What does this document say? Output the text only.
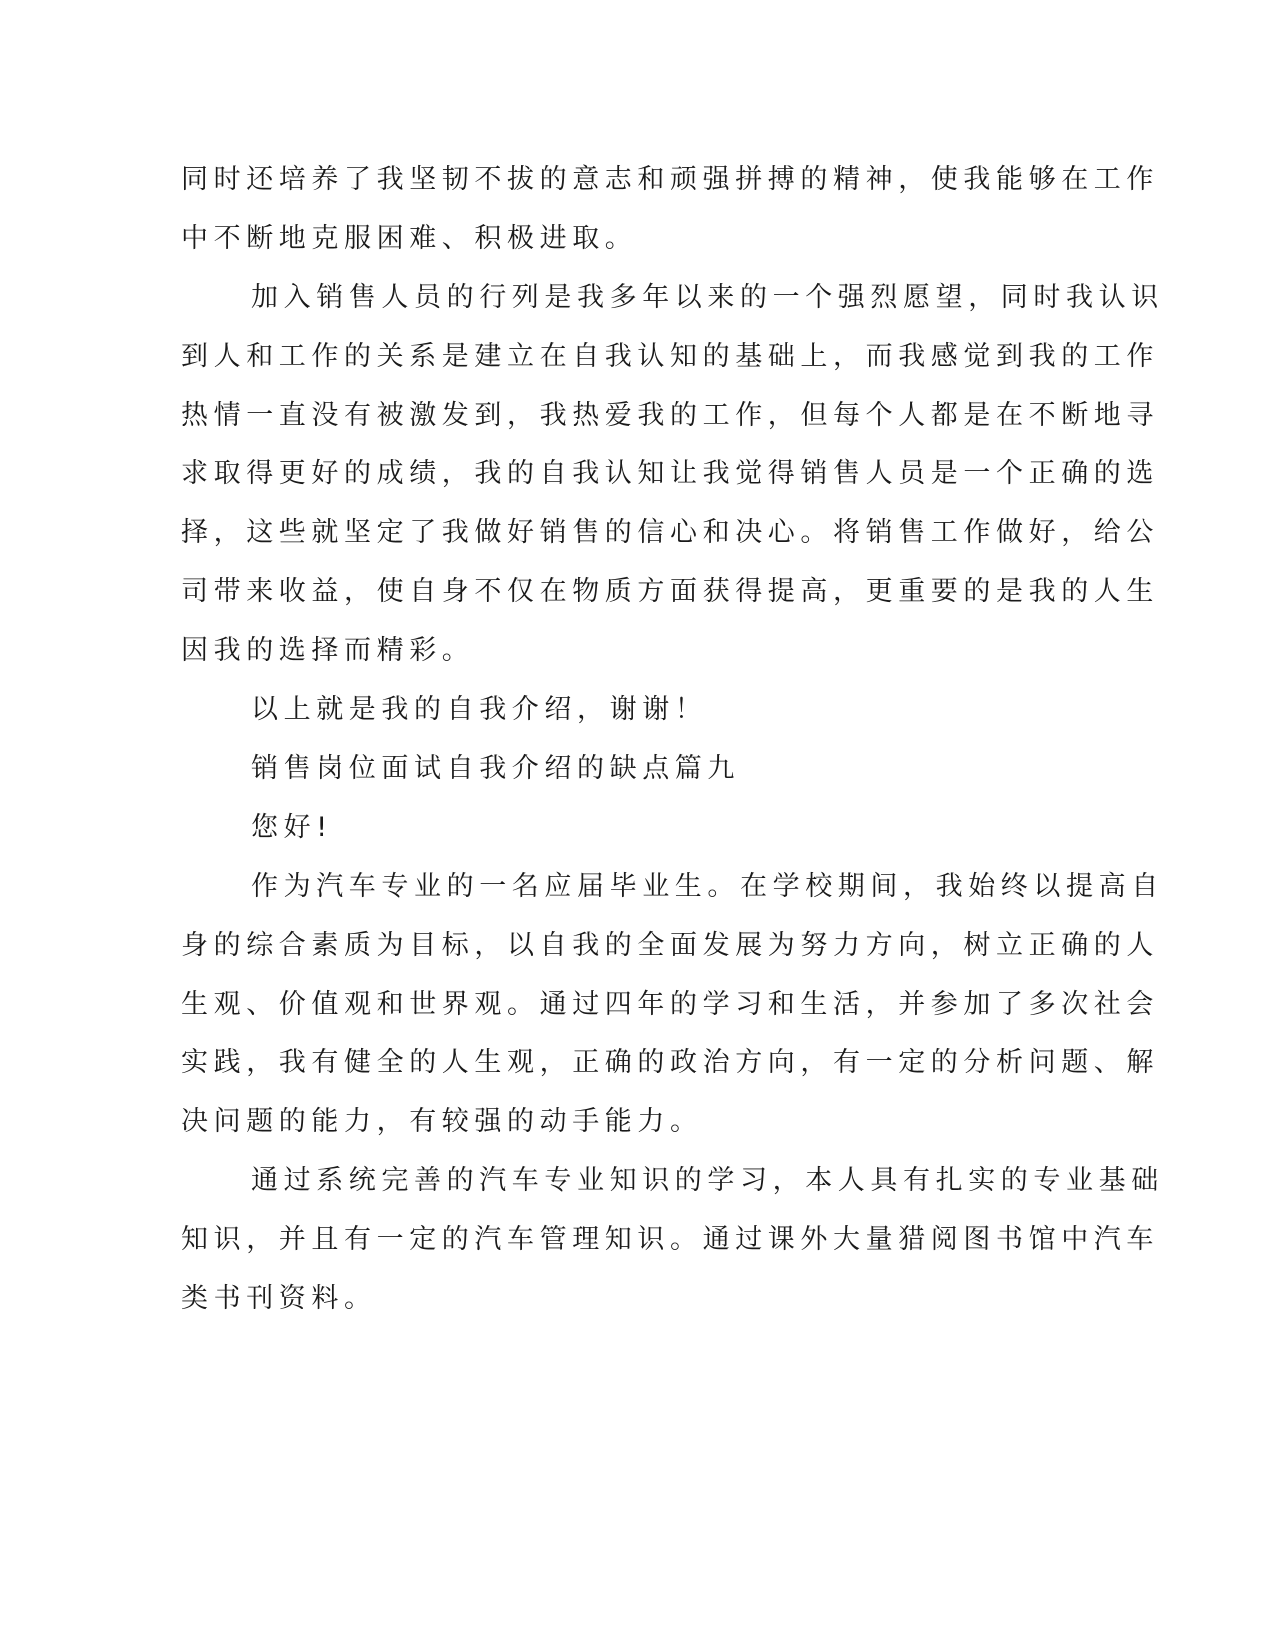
同时还培养了我坚韧不拔的意志和顽强拼搏的精神，使我能够在工作
中不断地克服困难、积极进取。
加入销售人员的行列是我多年以来的一个强烈愿望，同时我认识
到人和工作的关系是建立在自我认知的基础上，而我感觉到我的工作
热情一直没有被激发到，我热爱我的工作，但每个人都是在不断地寻
求取得更好的成绩，我的自我认知让我觉得销售人员是一个正确的选
择，这些就坚定了我做好销售的信心和决心。将销售工作做好，给公
司带来收益，使自身不仅在物质方面获得提高，更重要的是我的人生
因我的选择而精彩。
以上就是我的自我介绍，谢谢！
销售岗位面试自我介绍的缺点篇九
您好!
作为汽车专业的一名应届毕业生。在学校期间，我始终以提高自
身的综合素质为目标，以自我的全面发展为努力方向，树立正确的人
生观、价值观和世界观。通过四年的学习和生活，并参加了多次社会
实践，我有健全的人生观，正确的政治方向，有一定的分析问题、解
决问题的能力，有较强的动手能力。
通过系统完善的汽车专业知识的学习，本人具有扎实的专业基础
知识，并且有一定的汽车管理知识。通过课外大量猎阅图书馆中汽车
类书刊资料。
